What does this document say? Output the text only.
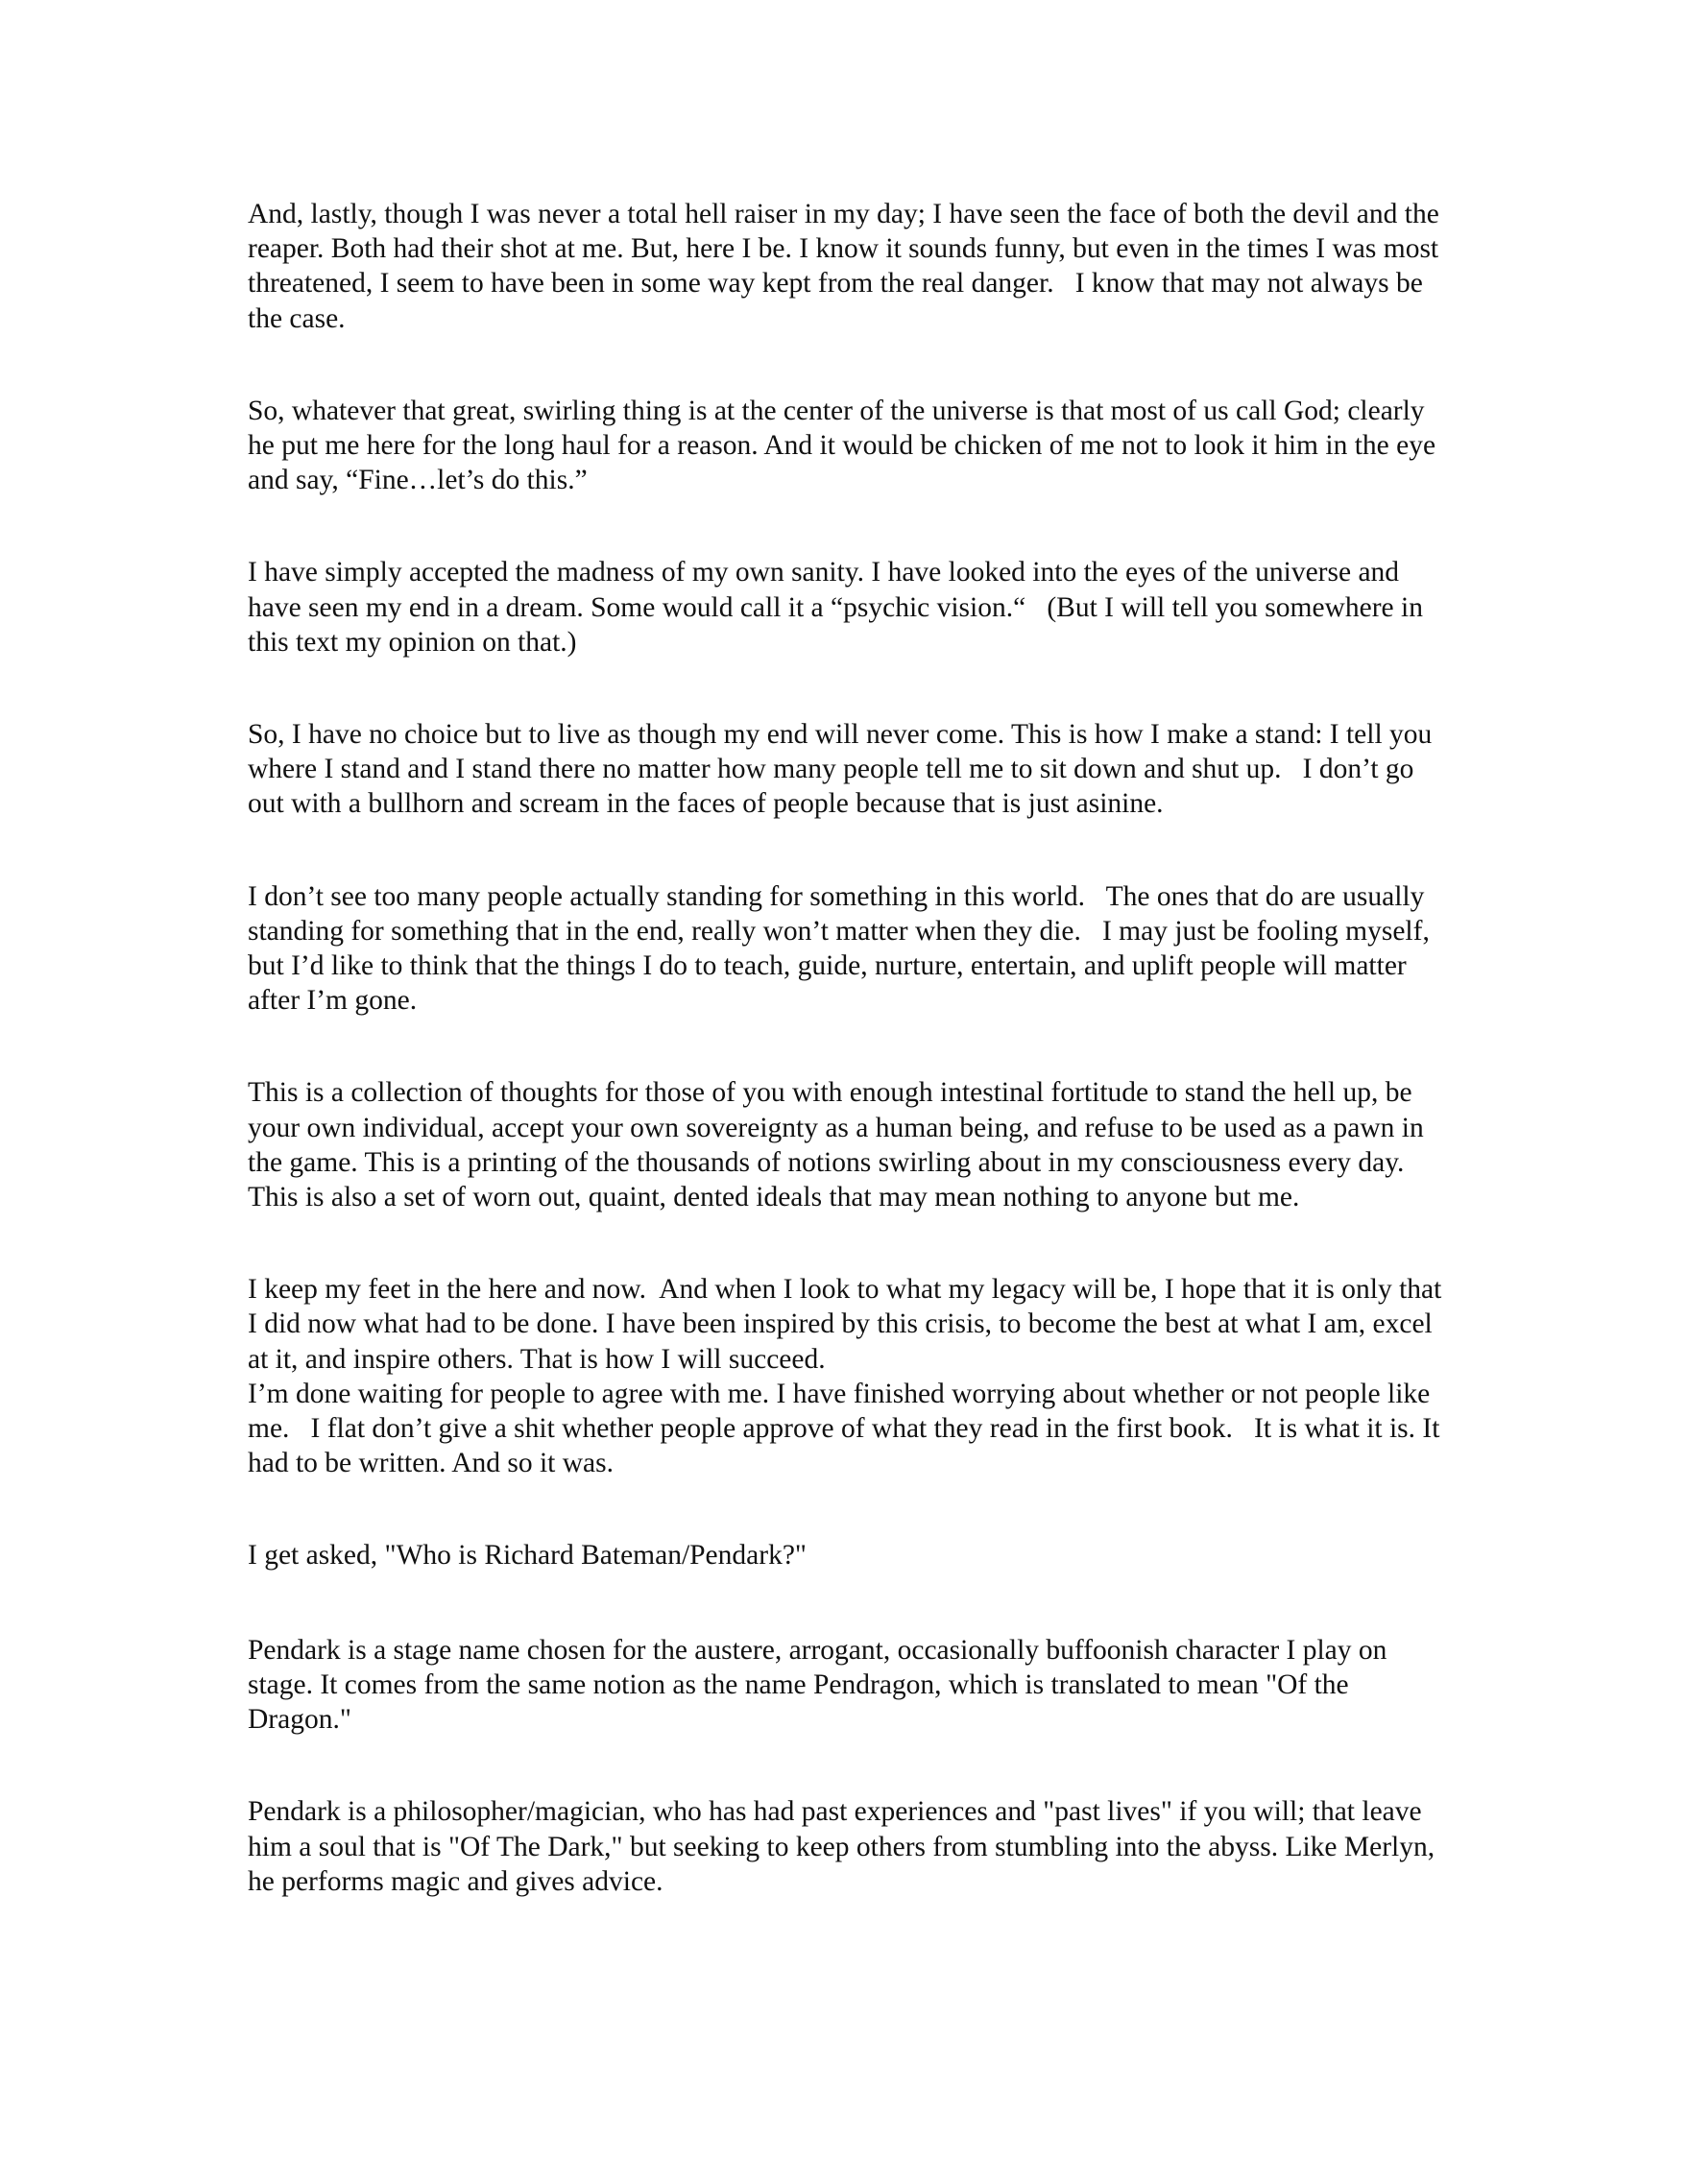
And, lastly, though I was never a total hell raiser in my day; I have seen the face of both the devil and the reaper. Both had their shot at me. But, here I be. I know it sounds funny, but even in the times I was most threatened, I seem to have been in some way kept from the real danger.   I know that may not always be the case.

So, whatever that great, swirling thing is at the center of the universe is that most of us call God; clearly he put me here for the long haul for a reason. And it would be chicken of me not to look it him in the eye and say, “Fine…let’s do this.”

I have simply accepted the madness of my own sanity. I have looked into the eyes of the universe and have seen my end in a dream. Some would call it a “psychic vision.“   (But I will tell you somewhere in this text my opinion on that.)

So, I have no choice but to live as though my end will never come. This is how I make a stand: I tell you where I stand and I stand there no matter how many people tell me to sit down and shut up.   I don’t go out with a bullhorn and scream in the faces of people because that is just asinine.

I don’t see too many people actually standing for something in this world.   The ones that do are usually standing for something that in the end, really won’t matter when they die.   I may just be fooling myself, but I’d like to think that the things I do to teach, guide, nurture, entertain, and uplift people will matter after I’m gone.

This is a collection of thoughts for those of you with enough intestinal fortitude to stand the hell up, be your own individual, accept your own sovereignty as a human being, and refuse to be used as a pawn in the game. This is a printing of the thousands of notions swirling about in my consciousness every day. This is also a set of worn out, quaint, dented ideals that may mean nothing to anyone but me.

I keep my feet in the here and now.  And when I look to what my legacy will be, I hope that it is only that I did now what had to be done. I have been inspired by this crisis, to become the best at what I am, excel at it, and inspire others. That is how I will succeed.

I’m done waiting for people to agree with me. I have finished worrying about whether or not people like me.   I flat don’t give a shit whether people approve of what they read in the first book.   It is what it is. It had to be written. And so it was.

I get asked, "Who is Richard Bateman/Pendark?"

Pendark is a stage name chosen for the austere, arrogant, occasionally buffoonish character I play on stage. It comes from the same notion as the name Pendragon, which is translated to mean "Of the Dragon."

Pendark is a philosopher/magician, who has had past experiences and "past lives" if you will; that leave him a soul that is "Of The Dark," but seeking to keep others from stumbling into the abyss. Like Merlyn, he performs magic and gives advice.
